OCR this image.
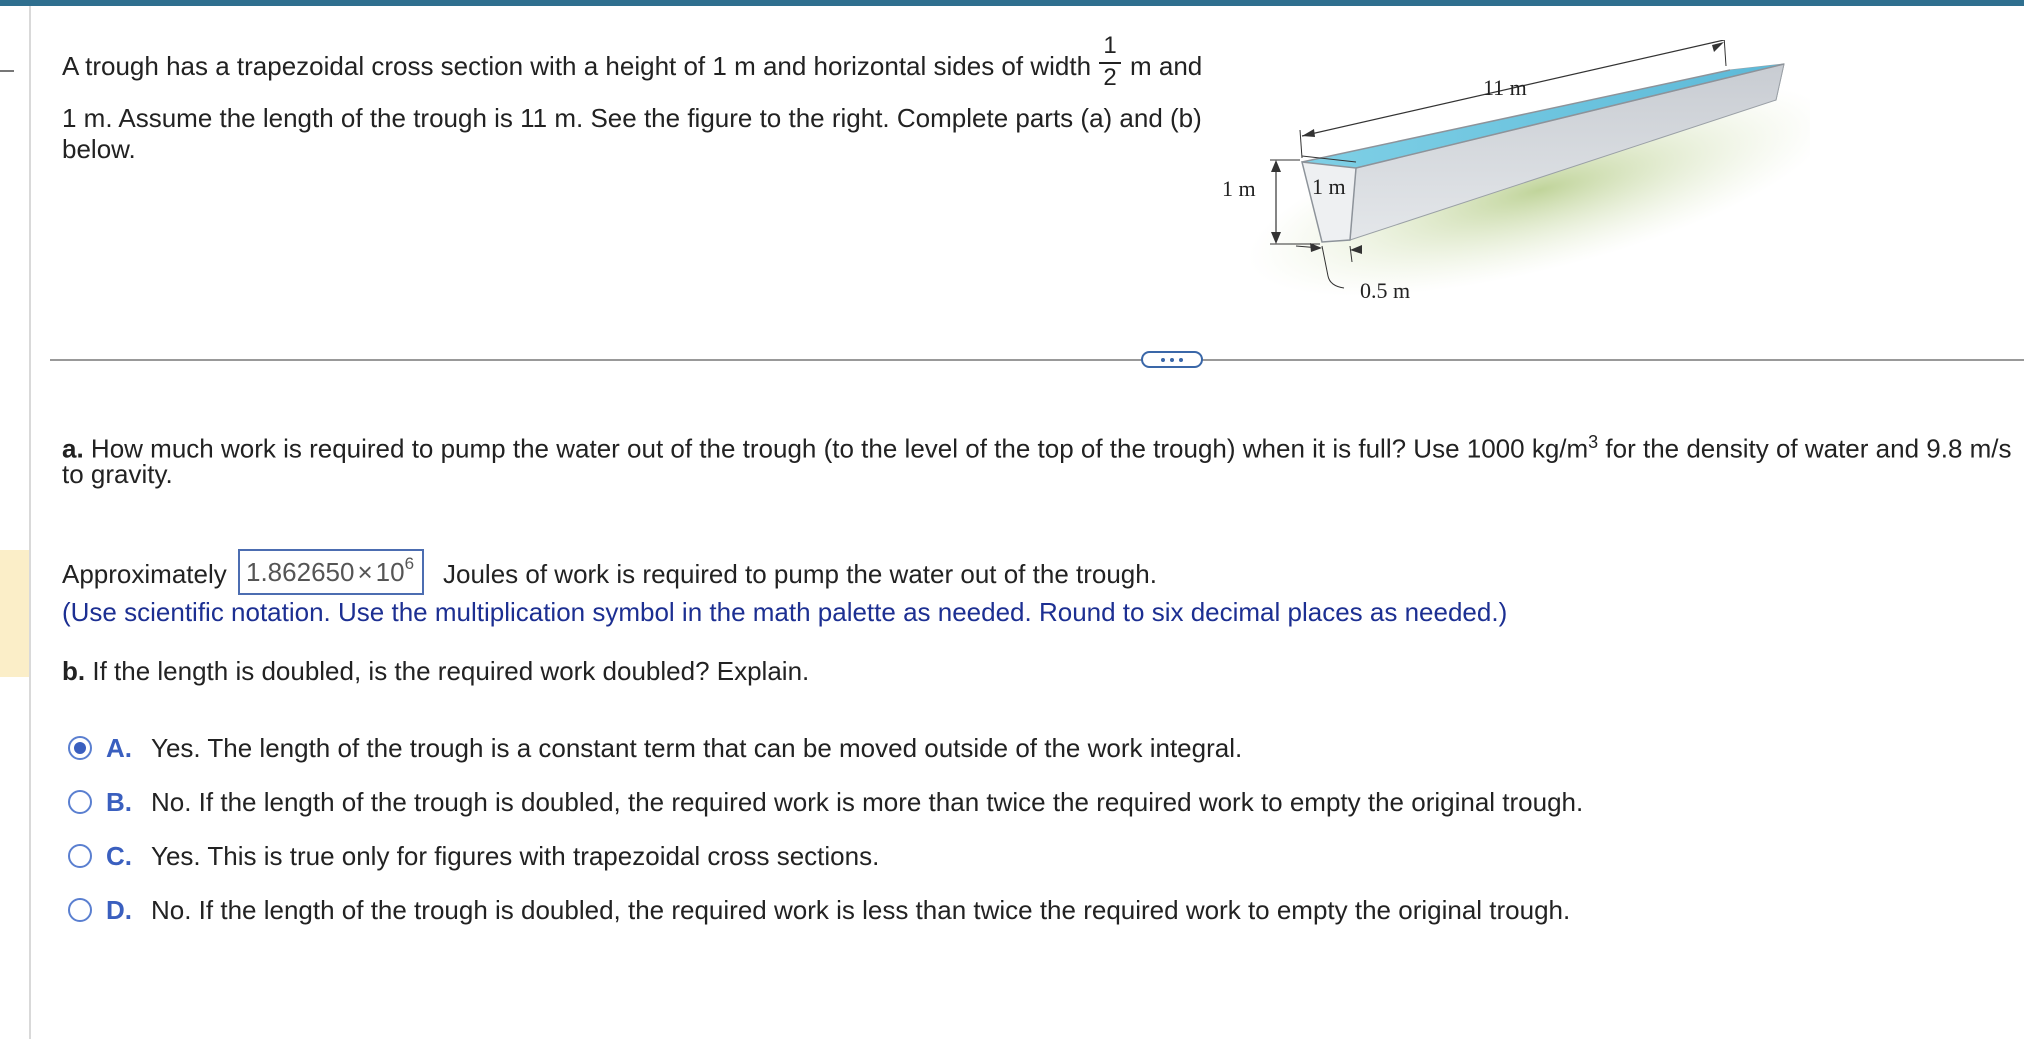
A trough has a trapezoidal cross section with a height of 1 m and horizontal sides of width
1
2 m and
1 m. Assume the length of the trough is 11 m. See the figure to the right. Complete parts (a) and (b)
below.
11 m
1 m	1 m
0.5 m
a. How much work is required to pump the water out of the trough (to the level of the top of the trough) when it is full? Use 1000 $kg/m^3$ for the density of water and 9.8 m/s
to gravity.
Approximately $1.862650 \times 10^6$ Joules of work is required to pump the water out of the trough.
(Use scientific notation. Use the multiplication symbol in the math palette as needed. Round to six decimal places as needed.)
b. If the length is doubled, is the required work doubled? Explain.
A. Yes. The length of the trough is a constant term that can be moved outside of the work integral.
B. No. If the length of the trough is doubled, the required work is more than twice the required work to empty the original trough.
C. Yes. This is true only for figures with trapezoidal cross sections.
D. No. If the length of the trough is doubled, the required work is less than twice the required work to empty the original trough.
